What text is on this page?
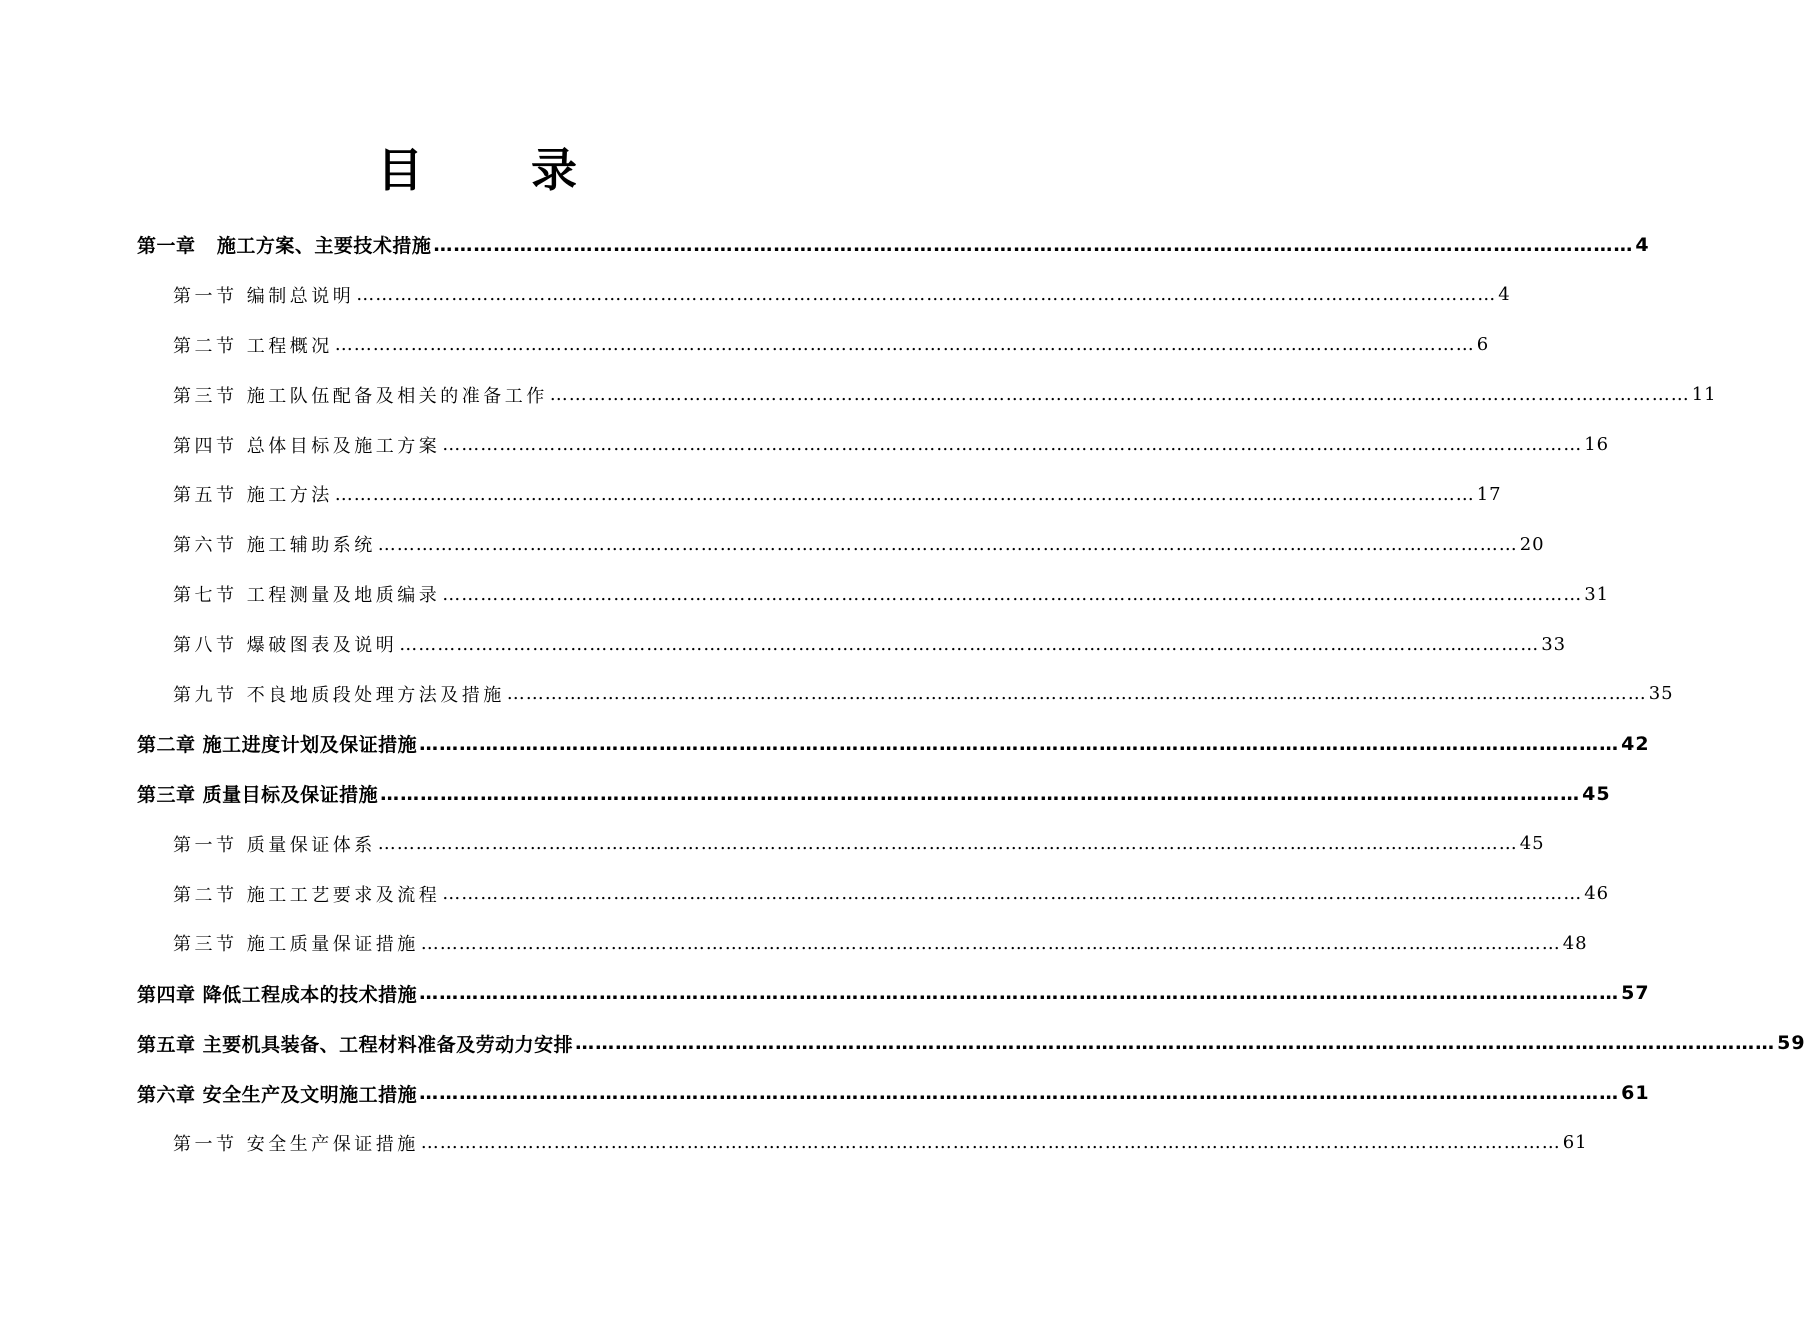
目 录
第一章 施工方案、主要技术措施 ……………………………………………………………………………………………………………………………………………………………… 4
第一节 编制总说明 ……………………………………………………………………………………………………………………………………………………………… 4
第二节 工程概况 ……………………………………………………………………………………………………………………………………………………………… 6
第三节 施工队伍配备及相关的准备工作 ……………………………………………………………………………………………………………………………………………………………… 11
第四节 总体目标及施工方案 ……………………………………………………………………………………………………………………………………………………………… 16
第五节 施工方法 ……………………………………………………………………………………………………………………………………………………………… 17
第六节 施工辅助系统 ……………………………………………………………………………………………………………………………………………………………… 20
第七节 工程测量及地质编录 ……………………………………………………………………………………………………………………………………………………………… 31
第八节 爆破图表及说明 ……………………………………………………………………………………………………………………………………………………………… 33
第九节 不良地质段处理方法及措施 ……………………………………………………………………………………………………………………………………………………………… 35
第二章 施工进度计划及保证措施 ……………………………………………………………………………………………………………………………………………………………… 42
第三章 质量目标及保证措施 ……………………………………………………………………………………………………………………………………………………………… 45
第一节 质量保证体系 ……………………………………………………………………………………………………………………………………………………………… 45
第二节 施工工艺要求及流程 ……………………………………………………………………………………………………………………………………………………………… 46
第三节 施工质量保证措施 ……………………………………………………………………………………………………………………………………………………………… 48
第四章 降低工程成本的技术措施 ……………………………………………………………………………………………………………………………………………………………… 57
第五章 主要机具装备、工程材料准备及劳动力安排 ……………………………………………………………………………………………………………………………………………………………… 59
第六章 安全生产及文明施工措施 ……………………………………………………………………………………………………………………………………………………………… 61
第一节 安全生产保证措施 ……………………………………………………………………………………………………………………………………………………………… 61
